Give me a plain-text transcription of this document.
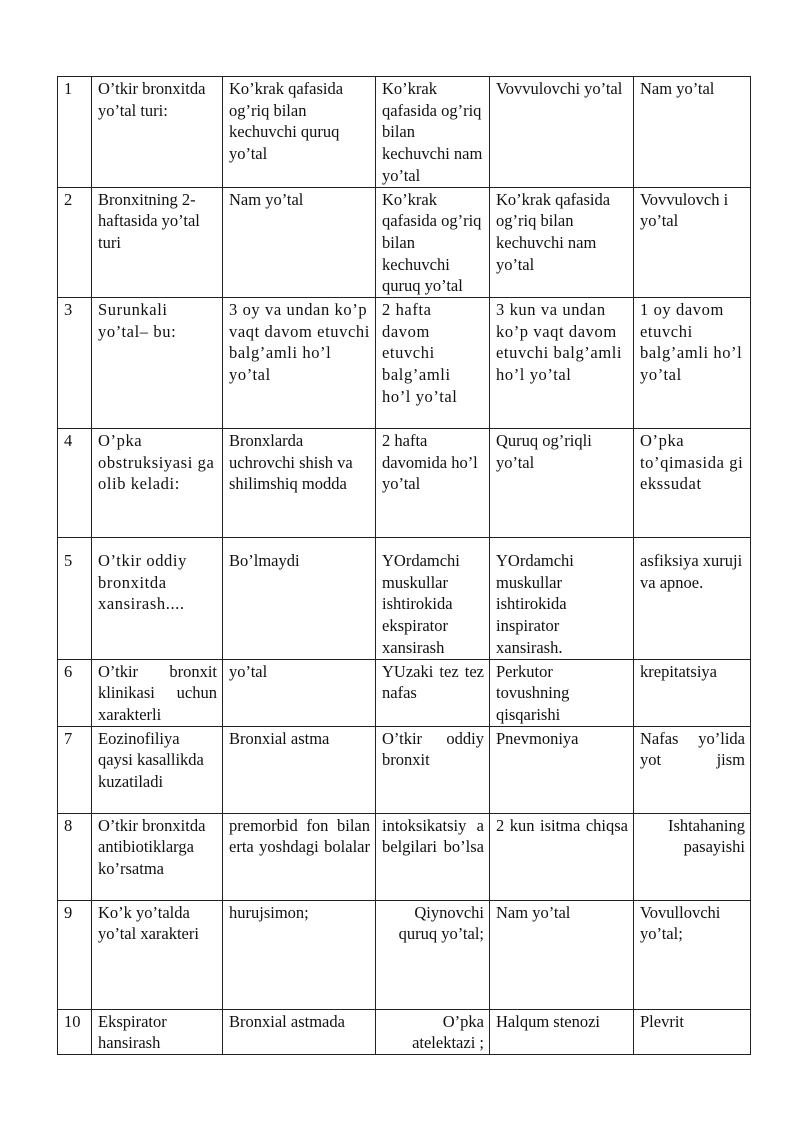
1	O’tkir bronxitda yo’tal turi:	Ko’krak qafasida og’riq bilan kechuvchi quruq yo’tal	Ko’krak qafasida og’riq bilan kechuvchi nam yo’tal	Vovvulovchi yo’tal	Nam yo’tal
2	Bronxitning 2-haftasida yo’tal turi	Nam yo’tal	Ko’krak qafasida og’riq bilan kechuvchi quruq yo’tal	Ko’krak qafasida og’riq bilan kechuvchi nam yo’tal	Vovvulovch i yo’tal
3	Surunkali yo’tal– bu:	3 oy va undan ko’p vaqt davom etuvchi balg’amli ho’l yo’tal	2 hafta davom etuvchi balg’amli ho’l yo’tal	3 kun va undan ko’p vaqt davom etuvchi balg’amli ho’l yo’tal	1 oy davom etuvchi balg’amli ho’l yo’tal
4	O’pka obstruksiyasi ga olib keladi:	Bronxlarda uchrovchi shish va shilimshiq modda	2 hafta davomida ho’l yo’tal	Quruq og’riqli yo’tal	O’pka to’qimasida gi ekssudat
5	O’tkir oddiy bronxitda xansirash....	Bo’lmaydi	YOrdamchi muskullar ishtirokida ekspirator xansirash	YOrdamchi muskullar ishtirokida inspirator xansirash.	asfiksiya xuruji va apnoe.
6	O’tkir bronxit klinikasi uchun xarakterli	yo’tal	YUzaki tez tez nafas	Perkutor tovushning qisqarishi	krepitatsiya
7	Eozinofiliya qaysi kasallikda kuzatiladi	Bronxial astma	O’tkir oddiy bronxit	Pnevmoniya	Nafas yo’lida yot jism
8	O’tkir bronxitda antibiotiklarga ko’rsatma	premorbid fon bilan erta yoshdagi bolalar	intoksikatsiy a belgilari bo’lsa	2 kun isitma chiqsa	Ishtahaning pasayishi
9	Ko’k yo’talda yo’tal xarakteri	hurujsimon;	Qiynovchi quruq yo’tal;	Nam yo’tal	Vovullovchi yo’tal;
10	Ekspirator hansirash	Bronxial astmada	O’pka atelektazi ;	Halqum stenozi	Plevrit
